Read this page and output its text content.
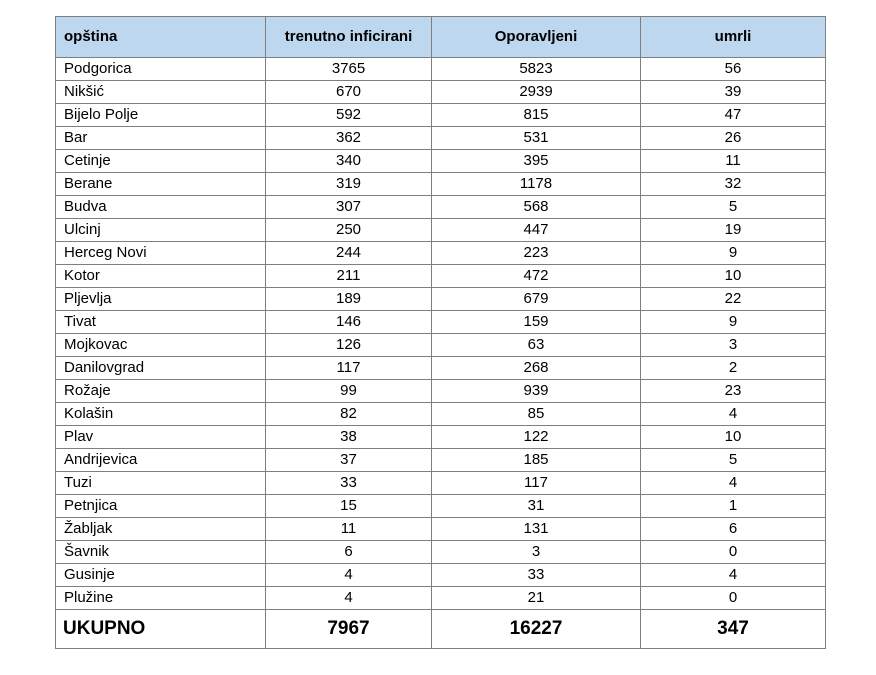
opština	trenutno inficirani	Oporavljeni	umrli
Podgorica	3765	5823	56
Nikšić	670	2939	39
Bijelo Polje	592	815	47
Bar	362	531	26
Cetinje	340	395	11
Berane	319	1178	32
Budva	307	568	5
Ulcinj	250	447	19
Herceg Novi	244	223	9
Kotor	211	472	10
Pljevlja	189	679	22
Tivat	146	159	9
Mojkovac	126	63	3
Danilovgrad	117	268	2
Rožaje	99	939	23
Kolašin	82	85	4
Plav	38	122	10
Andrijevica	37	185	5
Tuzi	33	117	4
Petnjica	15	31	1
Žabljak	11	131	6
Šavnik	6	3	0
Gusinje	4	33	4
Plužine	4	21	0
UKUPNO	7967	16227	347
